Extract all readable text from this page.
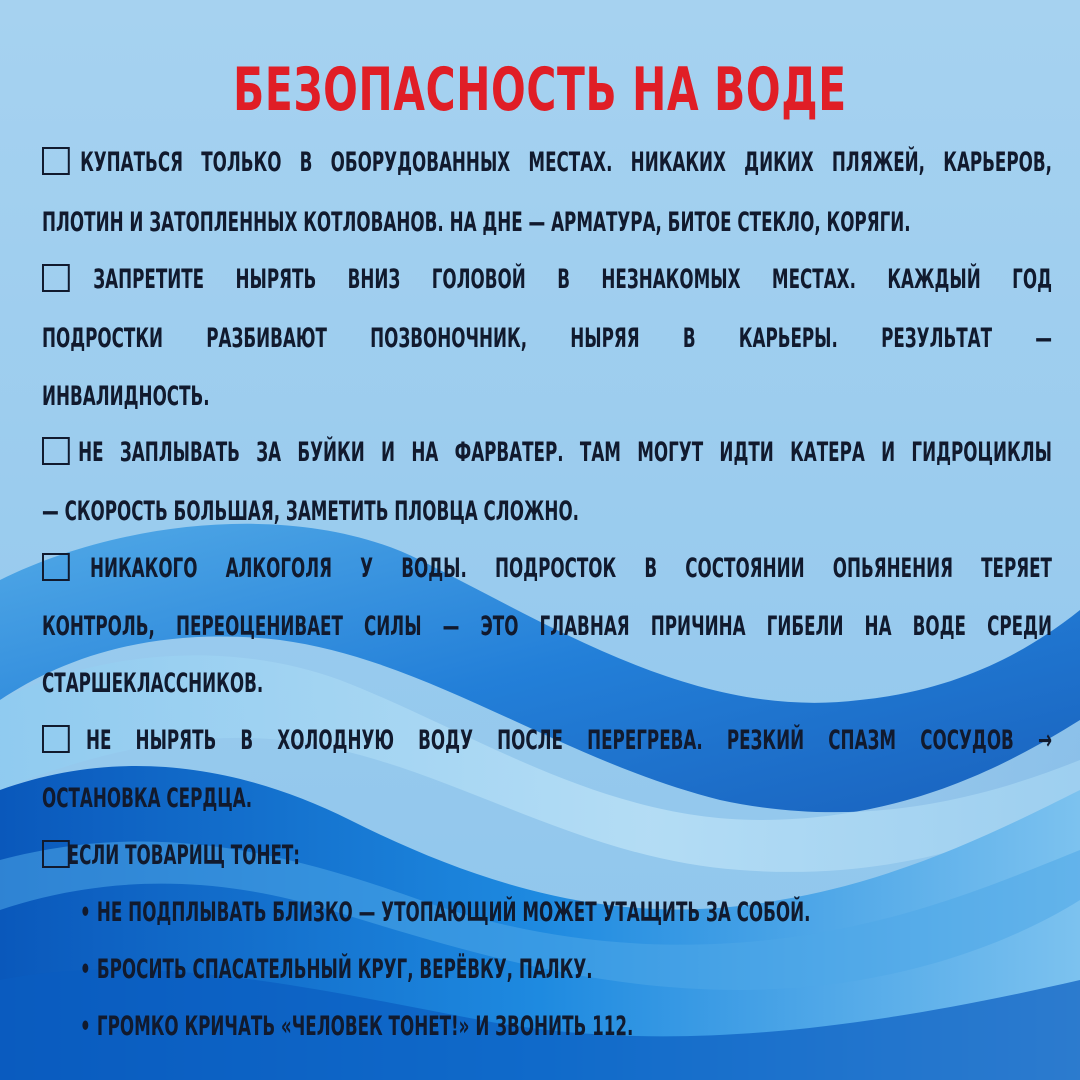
БЕЗОПАСНОСТЬ НА ВОДЕ
КУПАТЬСЯ ТОЛЬКО В ОБОРУДОВАННЫХ МЕСТАХ. НИКАКИХ ДИКИХ ПЛЯЖЕЙ, КАРЬЕРОВ,
ПЛОТИН И ЗАТОПЛЕННЫХ КОТЛОВАНОВ. НА ДНЕ — АРМАТУРА, БИТОЕ СТЕКЛО, КОРЯГИ.
ЗАПРЕТИТЕ НЫРЯТЬ ВНИЗ ГОЛОВОЙ В НЕЗНАКОМЫХ МЕСТАХ. КАЖДЫЙ ГОД
ПОДРОСТКИ РАЗБИВАЮТ ПОЗВОНОЧНИК, НЫРЯЯ В КАРЬЕРЫ. РЕЗУЛЬТАТ —
ИНВАЛИДНОСТЬ.
НЕ ЗАПЛЫВАТЬ ЗА БУЙКИ И НА ФАРВАТЕР. ТАМ МОГУТ ИДТИ КАТЕРА И ГИДРОЦИКЛЫ
— СКОРОСТЬ БОЛЬШАЯ, ЗАМЕТИТЬ ПЛОВЦА СЛОЖНО.
НИКАКОГО АЛКОГОЛЯ У ВОДЫ. ПОДРОСТОК В СОСТОЯНИИ ОПЬЯНЕНИЯ ТЕРЯЕТ
КОНТРОЛЬ, ПЕРЕОЦЕНИВАЕТ СИЛЫ — ЭТО ГЛАВНАЯ ПРИЧИНА ГИБЕЛИ НА ВОДЕ СРЕДИ
СТАРШЕКЛАССНИКОВ.
НЕ НЫРЯТЬ В ХОЛОДНУЮ ВОДУ ПОСЛЕ ПЕРЕГРЕВА. РЕЗКИЙ СПАЗМ СОСУДОВ →
ОСТАНОВКА СЕРДЦА.
ЕСЛИ ТОВАРИЩ ТОНЕТ:
• НЕ ПОДПЛЫВАТЬ БЛИЗКО — УТОПАЮЩИЙ МОЖЕТ УТАЩИТЬ ЗА СОБОЙ.
• БРОСИТЬ СПАСАТЕЛЬНЫЙ КРУГ, ВЕРЁВКУ, ПАЛКУ.
• ГРОМКО КРИЧАТЬ «ЧЕЛОВЕК ТОНЕТ!» И ЗВОНИТЬ 112.
